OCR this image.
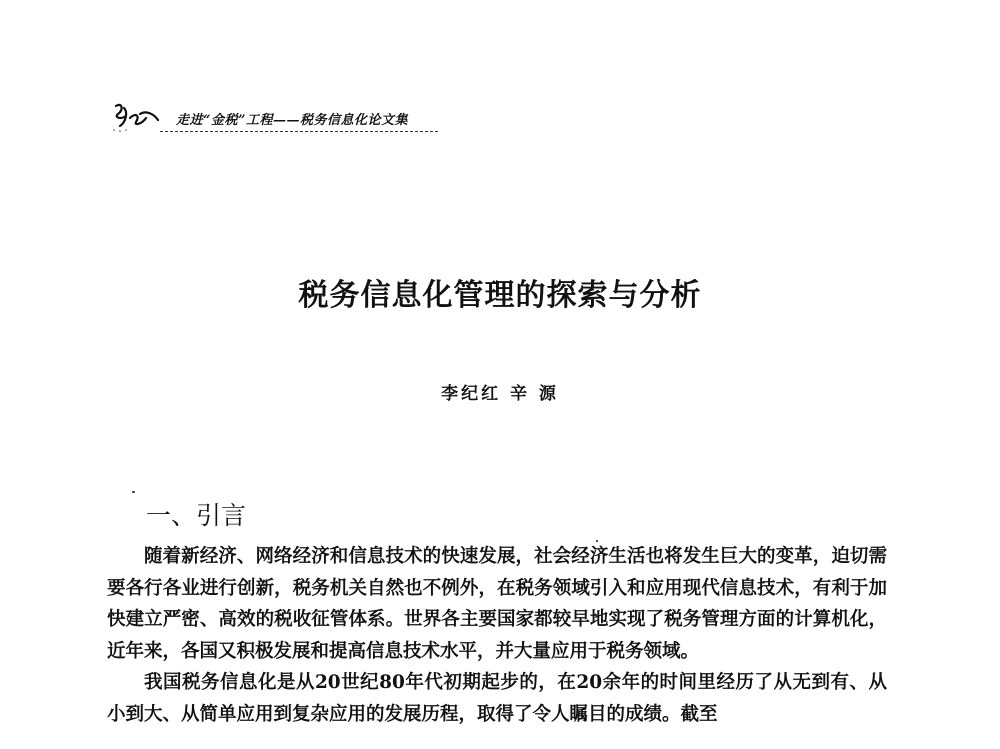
走进“金税”工程——税务信息化论文集
税务信息化管理的探索与分析
李纪红 辛 源
一、引言

随着新经济、网络经济和信息技术的快速发展，社会经济生活也将发生巨大的变革，迫切需要各行各业进行创新，税务机关自然也不例外，在税务领域引入和应用现代信息技术，有利于加快建立严密、高效的税收征管体系。世界各主要国家都较早地实现了税务管理方面的计算机化，近年来，各国又积极发展和提高信息技术水平，并大量应用于税务领域。

我国税务信息化是从20世纪80年代初期起步的，在20余年的时间里经历了从无到有、从小到大、从简单应用到复杂应用的发展历程，取得了令人瞩目的成绩。截至
